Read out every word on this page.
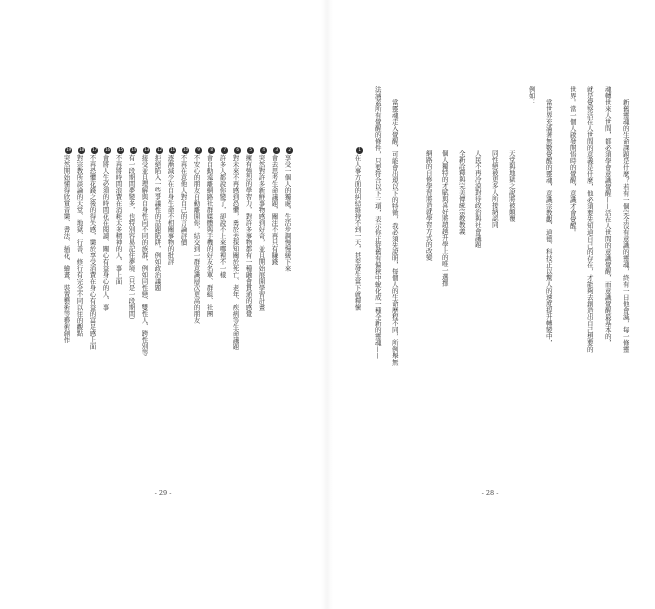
2享受一個人的獨處，生活步調慢慢緩下來
3會去思考生命議題，關注不再只有賺錢
4突然對許多新鮮事物感到好奇，並且開始展開學習計畫
5擁有強烈的學習力，對許多事物都有一種融會貫通的感覺
6對未來不再感到恐懼，勇於去探知關於死亡、老年、疾病等生命議題
7許多人都說你變了，卻說不上來哪裡不一樣
8會自動遠離網路社群媒體與手機的好友名單、群組、社團
9不安心的朋友自動離開你，結交到一群意識層次更高的朋友
10不再在意他人對自己的言論評價
11逐漸減少在自身生命不相關事物的批評
12拒絕陷入一些爭議性的話題陷阱，例如政治議題
13接受並且理解與自身性向不同的族群，例如同性戀、雙性人、跨性別等
14有一段期間夢變多，也特別容易記住夢境（只是一段期間）
15不再將時間浪費在消耗太多精神的人、事上面
16會將人生必須的時間花在閱讀、關心有益身心的人、事
17不再恐懼花錢之後的得失感，樂於享受消費在身心有益的富足感上面
18對宗教所談論的天堂、地獄、行善、修行有完全不同以往的觀點
19突然開始懂得欣賞音樂、書法、插花、繪畫、裝置藝術等藝術創作
- 29 -
新舊靈魂的生命課題是什麼？若有一個完全沒有意識的靈魂，終有一日他會滅，每一條靈
魂轉世來人世間，都必須學會意識覺醒——活在人世間的意識覺醒，而意識覺醒最基本的，
就是覺察活在人世間的意義是什麼，他必須要先知道自己的存在，才能夠去創造出自己想要的
世界。當一個人啟發開悟時的覺醒，意識才會覺醒。
當世界充滿著無數覺醒的靈魂，意識宗教觀、道德、科技正以驚人的速度提升轉變中，
例如：
天堂與地獄之說將被顛覆
同性戀被更多人所接納認同
人民不再冷漠對待政治與社會議題
全新詮釋與完美傳統宗教教義
個人獨特的才賦與喜好將超越升學上的唯一選擇
網路的自修學習將造就學習方式的改變
當靈魂走入覺醒，可能會出現以下的特徵，我必須先說明，每個人的生命歷程不同，所例舉無
法涵蓋所有覺醒的條件，只要符合以下三項，表示你正從舊有偏狹中蛻化成一種全新的靈魂——
1在人事方面的糾結維持不到一天，甚至發生當下就釋懷
- 28 -
